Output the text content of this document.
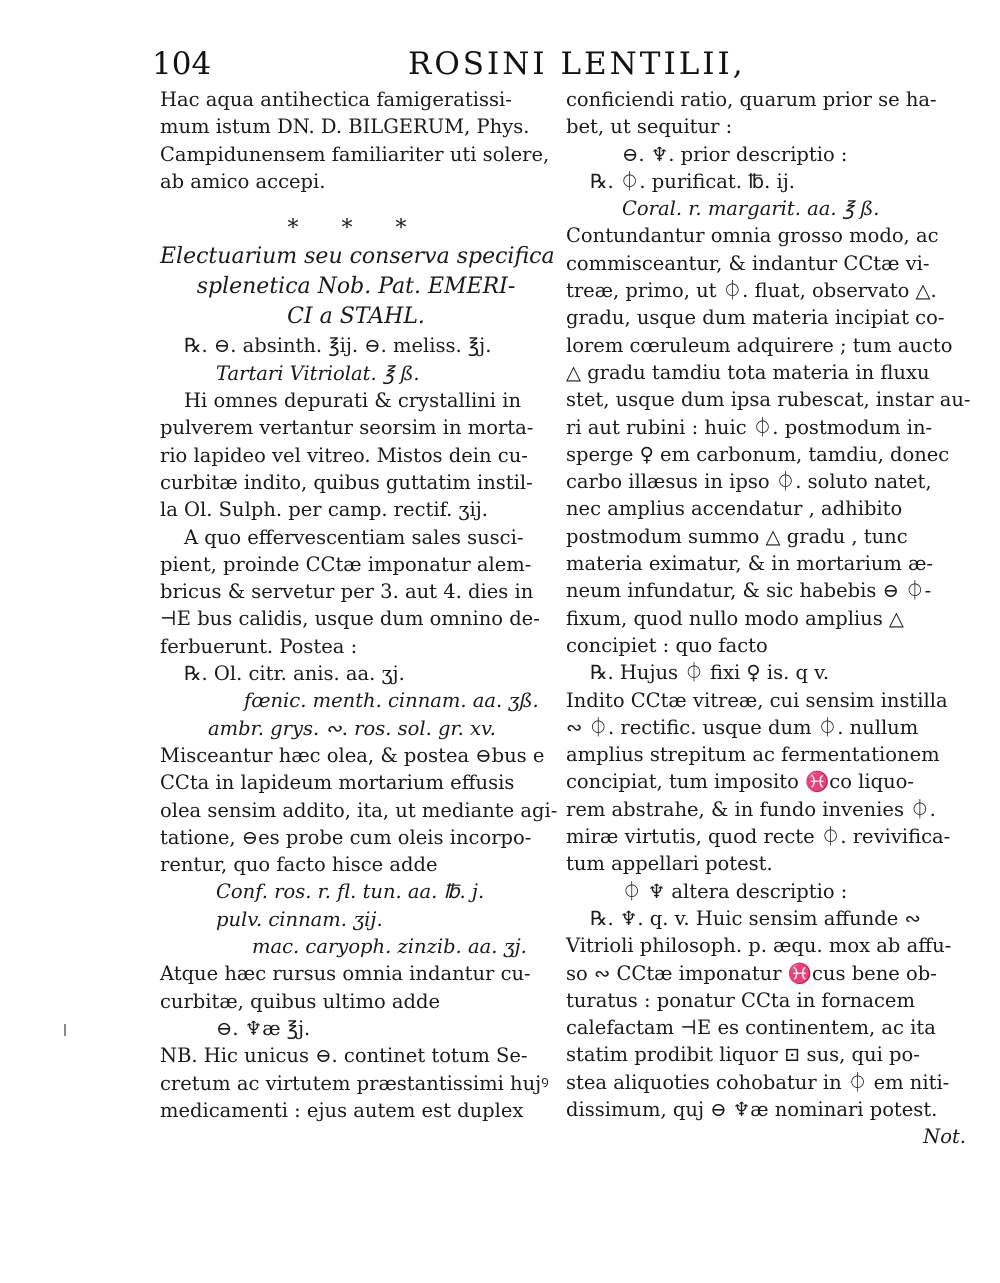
104	ROSINI LENTILII,
Hac aqua antihectica famigeratissi-
mum istum DN. D. BILGERUM, Phys.
Campidunensem familiariter uti solere,
ab amico accepi.
* * *
Electuarium seu conserva specifica
splenetica Nob. Pat. EMERI-
CI a STAHL.
℞. ⊖. absinth. ℥ij. ⊖. meliss. ℥j.
Tartari Vitriolat. ℥ ß.
Hi omnes depurati & crystallini in
pulverem vertantur seorsim in morta-
rio lapideo vel vitreo. Mistos dein cu-
curbitæ indito, quibus guttatim instil-
la Ol. Sulph. per camp. rectif. ʒij.
A quo effervescentiam sales susci-
pient, proinde CCtæ imponatur alem-
bricus & servetur per 3. aut 4. dies in
⊣E bus calidis, usque dum omnino de-
ferbuerunt. Postea :
℞. Ol. citr. anis. aa. ʒj.
fœnic. menth. cinnam. aa. ʒß.
ambr. grys. ∾. ros. sol. gr. xv.
Misceantur hæc olea, & postea ⊖bus e
CCta in lapideum mortarium effusis
olea sensim addito, ita, ut mediante agi-
tatione, ⊖es probe cum oleis incorpo-
rentur, quo facto hisce adde
Conf. ros. r. fl. tun. aa. ℔. j.
pulv. cinnam. ʒij.
mac. caryoph. zinzib. aa. ʒj.
Atque hæc rursus omnia indantur cu-
curbitæ, quibus ultimo adde
⊖. ♆æ ℥j.
NB. Hic unicus ⊖. continet totum Se-
cretum ac virtutem præstantissimi hujꝰ
medicamenti : ejus autem est duplex
conficiendi ratio, quarum prior se ha-
bet, ut sequitur :
⊖. ♆. prior descriptio :
℞. ⏀. purificat. ℔. ij.
Coral. r. margarit. aa. ℥ ß.
Contundantur omnia grosso modo, ac
commisceantur, & indantur CCtæ vi-
treæ, primo, ut ⏀. fluat, observato △.
gradu, usque dum materia incipiat co-
lorem cœruleum adquirere ; tum aucto
△ gradu tamdiu tota materia in fluxu
stet, usque dum ipsa rubescat, instar au-
ri aut rubini : huic ⏀. postmodum in-
sperge ♀ em carbonum, tamdiu, donec
carbo illæsus in ipso ⏀. soluto natet,
nec amplius accendatur , adhibito
postmodum summo △ gradu , tunc
materia eximatur, & in mortarium æ-
neum infundatur, & sic habebis ⊖ ⏀-
fixum, quod nullo modo amplius △
concipiet : quo facto
℞. Hujus ⏀ fixi ♀ is. q v.
Indito CCtæ vitreæ, cui sensim instilla
∾ ⏀. rectific. usque dum ⏀. nullum
amplius strepitum ac fermentationem
concipiat, tum imposito ♓co liquo-
rem abstrahe, & in fundo invenies ⏀.
miræ virtutis, quod recte ⏀. revivifica-
tum appellari potest.
⏀ ♆ altera descriptio :
℞. ♆. q. v. Huic sensim affunde ∾
Vitrioli philosoph. p. æqu. mox ab affu-
so ∾ CCtæ imponatur ♓cus bene ob-
turatus : ponatur CCta in fornacem
calefactam ⊣E es continentem, ac ita
statim prodibit liquor ⊡ sus, qui po-
stea aliquoties cohobatur in ⏀ em niti-
dissimum, quj ⊖ ♆æ nominari potest.
Not.
